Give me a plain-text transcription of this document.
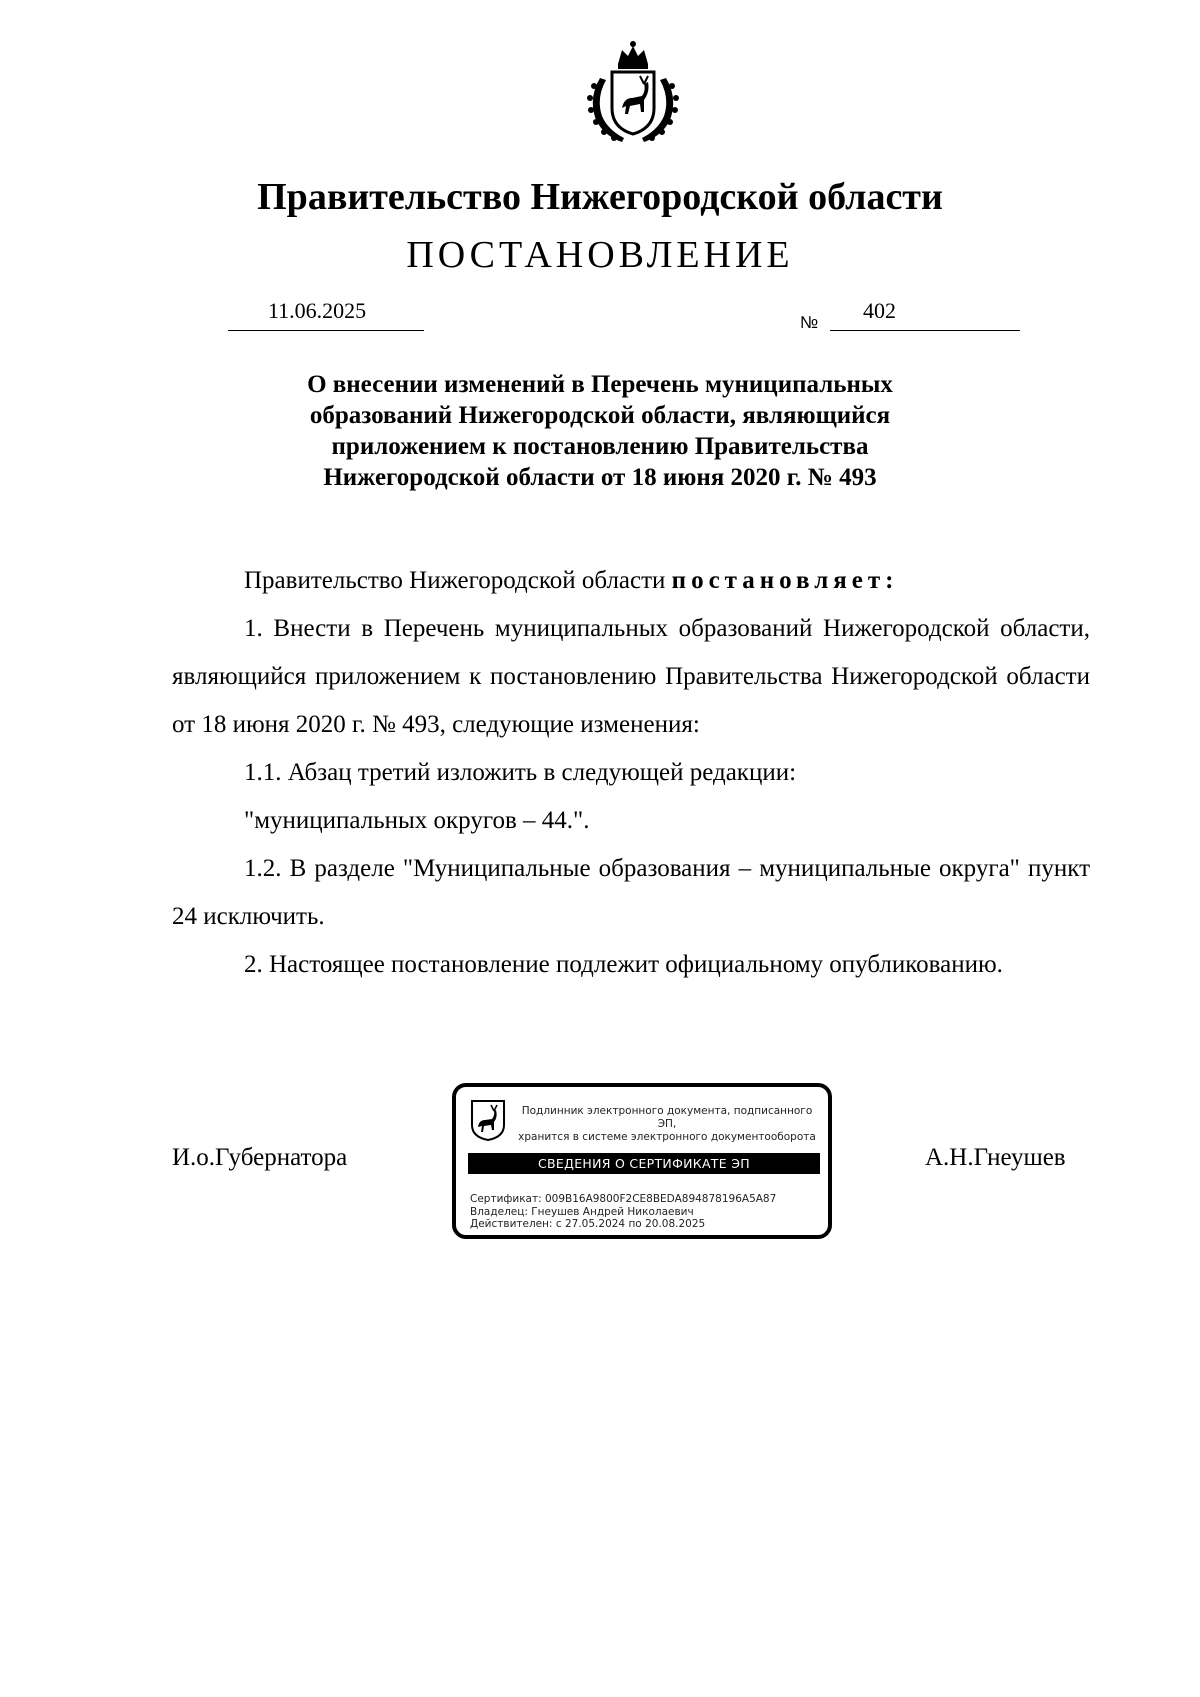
Правительство Нижегородской области
ПОСТАНОВЛЕНИЕ
11.06.2025	№ 402
О внесении изменений в Перечень муниципальных
образований Нижегородской области, являющийся
приложением к постановлению Правительства
Нижегородской области от 18 июня 2020 г. № 493

Правительство Нижегородской области постановляет:

1. Внести в Перечень муниципальных образований Нижегородской области, являющийся приложением к постановлению Правительства Нижегородской области от 18 июня 2020 г. № 493, следующие изменения:

1.1. Абзац третий изложить в следующей редакции:

"муниципальных округов – 44.".

1.2. В разделе "Муниципальные образования – муниципальные округа" пункт 24 исключить.

2. Настоящее постановление подлежит официальному опубликованию.

И.о.Губернатора	А.Н.Гнеушев
Подлинник электронного документа, подписанного ЭП,
хранится в системе электронного документооборота
СВЕДЕНИЯ О СЕРТИФИКАТЕ ЭП
Сертификат: 009B16A9800F2CE8BEDA894878196A5A87
Владелец: Гнеушев Андрей Николаевич
Действителен: с 27.05.2024 по 20.08.2025
